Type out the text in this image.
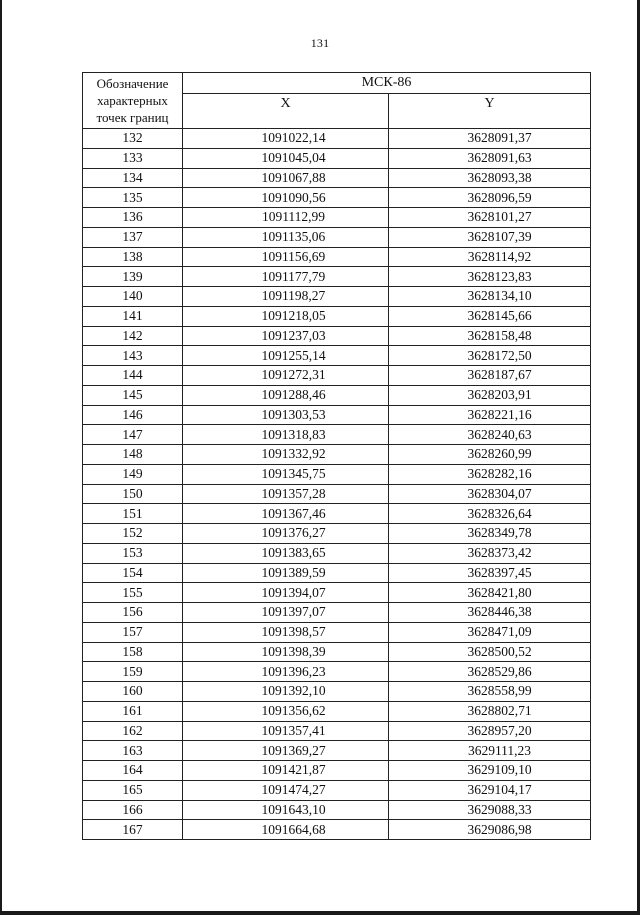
131
Обозначение характерных точек границ	МСК-86	
	X	Y
132	1091022,14	3628091,37
133	1091045,04	3628091,63
134	1091067,88	3628093,38
135	1091090,56	3628096,59
136	1091112,99	3628101,27
137	1091135,06	3628107,39
138	1091156,69	3628114,92
139	1091177,79	3628123,83
140	1091198,27	3628134,10
141	1091218,05	3628145,66
142	1091237,03	3628158,48
143	1091255,14	3628172,50
144	1091272,31	3628187,67
145	1091288,46	3628203,91
146	1091303,53	3628221,16
147	1091318,83	3628240,63
148	1091332,92	3628260,99
149	1091345,75	3628282,16
150	1091357,28	3628304,07
151	1091367,46	3628326,64
152	1091376,27	3628349,78
153	1091383,65	3628373,42
154	1091389,59	3628397,45
155	1091394,07	3628421,80
156	1091397,07	3628446,38
157	1091398,57	3628471,09
158	1091398,39	3628500,52
159	1091396,23	3628529,86
160	1091392,10	3628558,99
161	1091356,62	3628802,71
162	1091357,41	3628957,20
163	1091369,27	3629111,23
164	1091421,87	3629109,10
165	1091474,27	3629104,17
166	1091643,10	3629088,33
167	1091664,68	3629086,98
